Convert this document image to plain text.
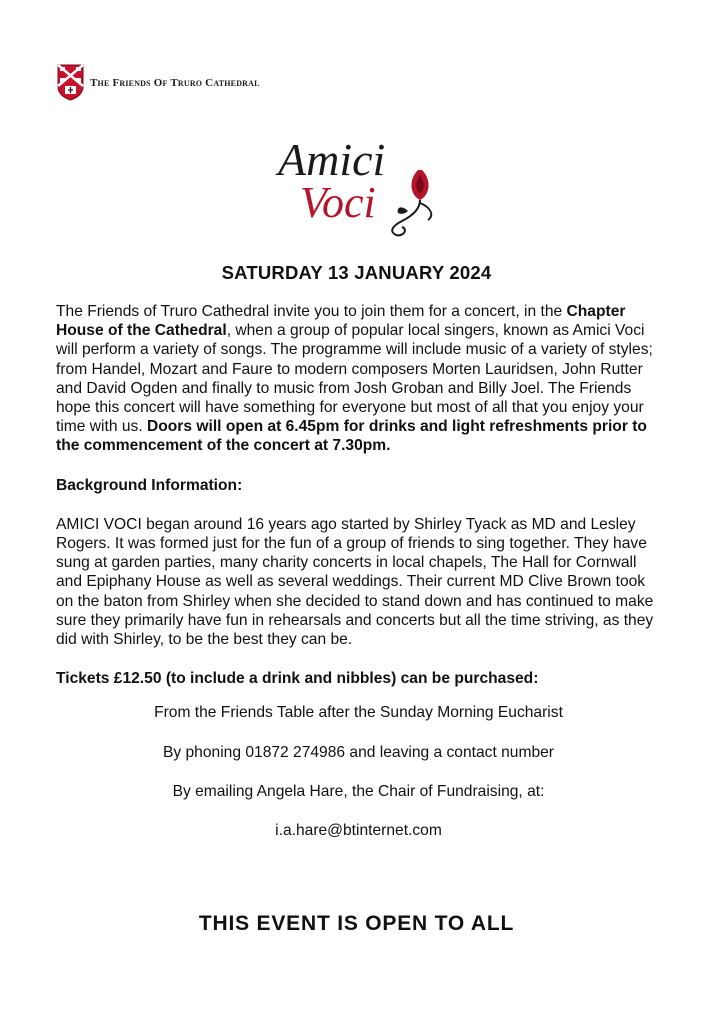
The Friends Of Truro Cathedral
Amici
Voci
SATURDAY 13 JANUARY 2024

The Friends of Truro Cathedral invite you to join them for a concert, in the Chapter House of the Cathedral, when a group of popular local singers, known as Amici Voci will perform a variety of songs. The programme will include music of a variety of styles; from Handel, Mozart and Faure to modern composers Morten Lauridsen, John Rutter and David Ogden and finally to music from Josh Groban and Billy Joel. The Friends hope this concert will have something for everyone but most of all that you enjoy your time with us. Doors will open at 6.45pm for drinks and light refreshments prior to the commencement of the concert at 7.30pm.

Background Information:

AMICI VOCI began around 16 years ago started by Shirley Tyack as MD and Lesley Rogers. It was formed just for the fun of a group of friends to sing together. They have sung at garden parties, many charity concerts in local chapels, The Hall for Cornwall and Epiphany House as well as several weddings. Their current MD Clive Brown took on the baton from Shirley when she decided to stand down and has continued to make sure they primarily have fun in rehearsals and concerts but all the time striving, as they did with Shirley, to be the best they can be.

Tickets £12.50 (to include a drink and nibbles) can be purchased:

From the Friends Table after the Sunday Morning Eucharist

By phoning 01872 274986 and leaving a contact number

By emailing Angela Hare, the Chair of Fundraising, at:

i.a.hare@btinternet.com

THIS EVENT IS OPEN TO ALL
